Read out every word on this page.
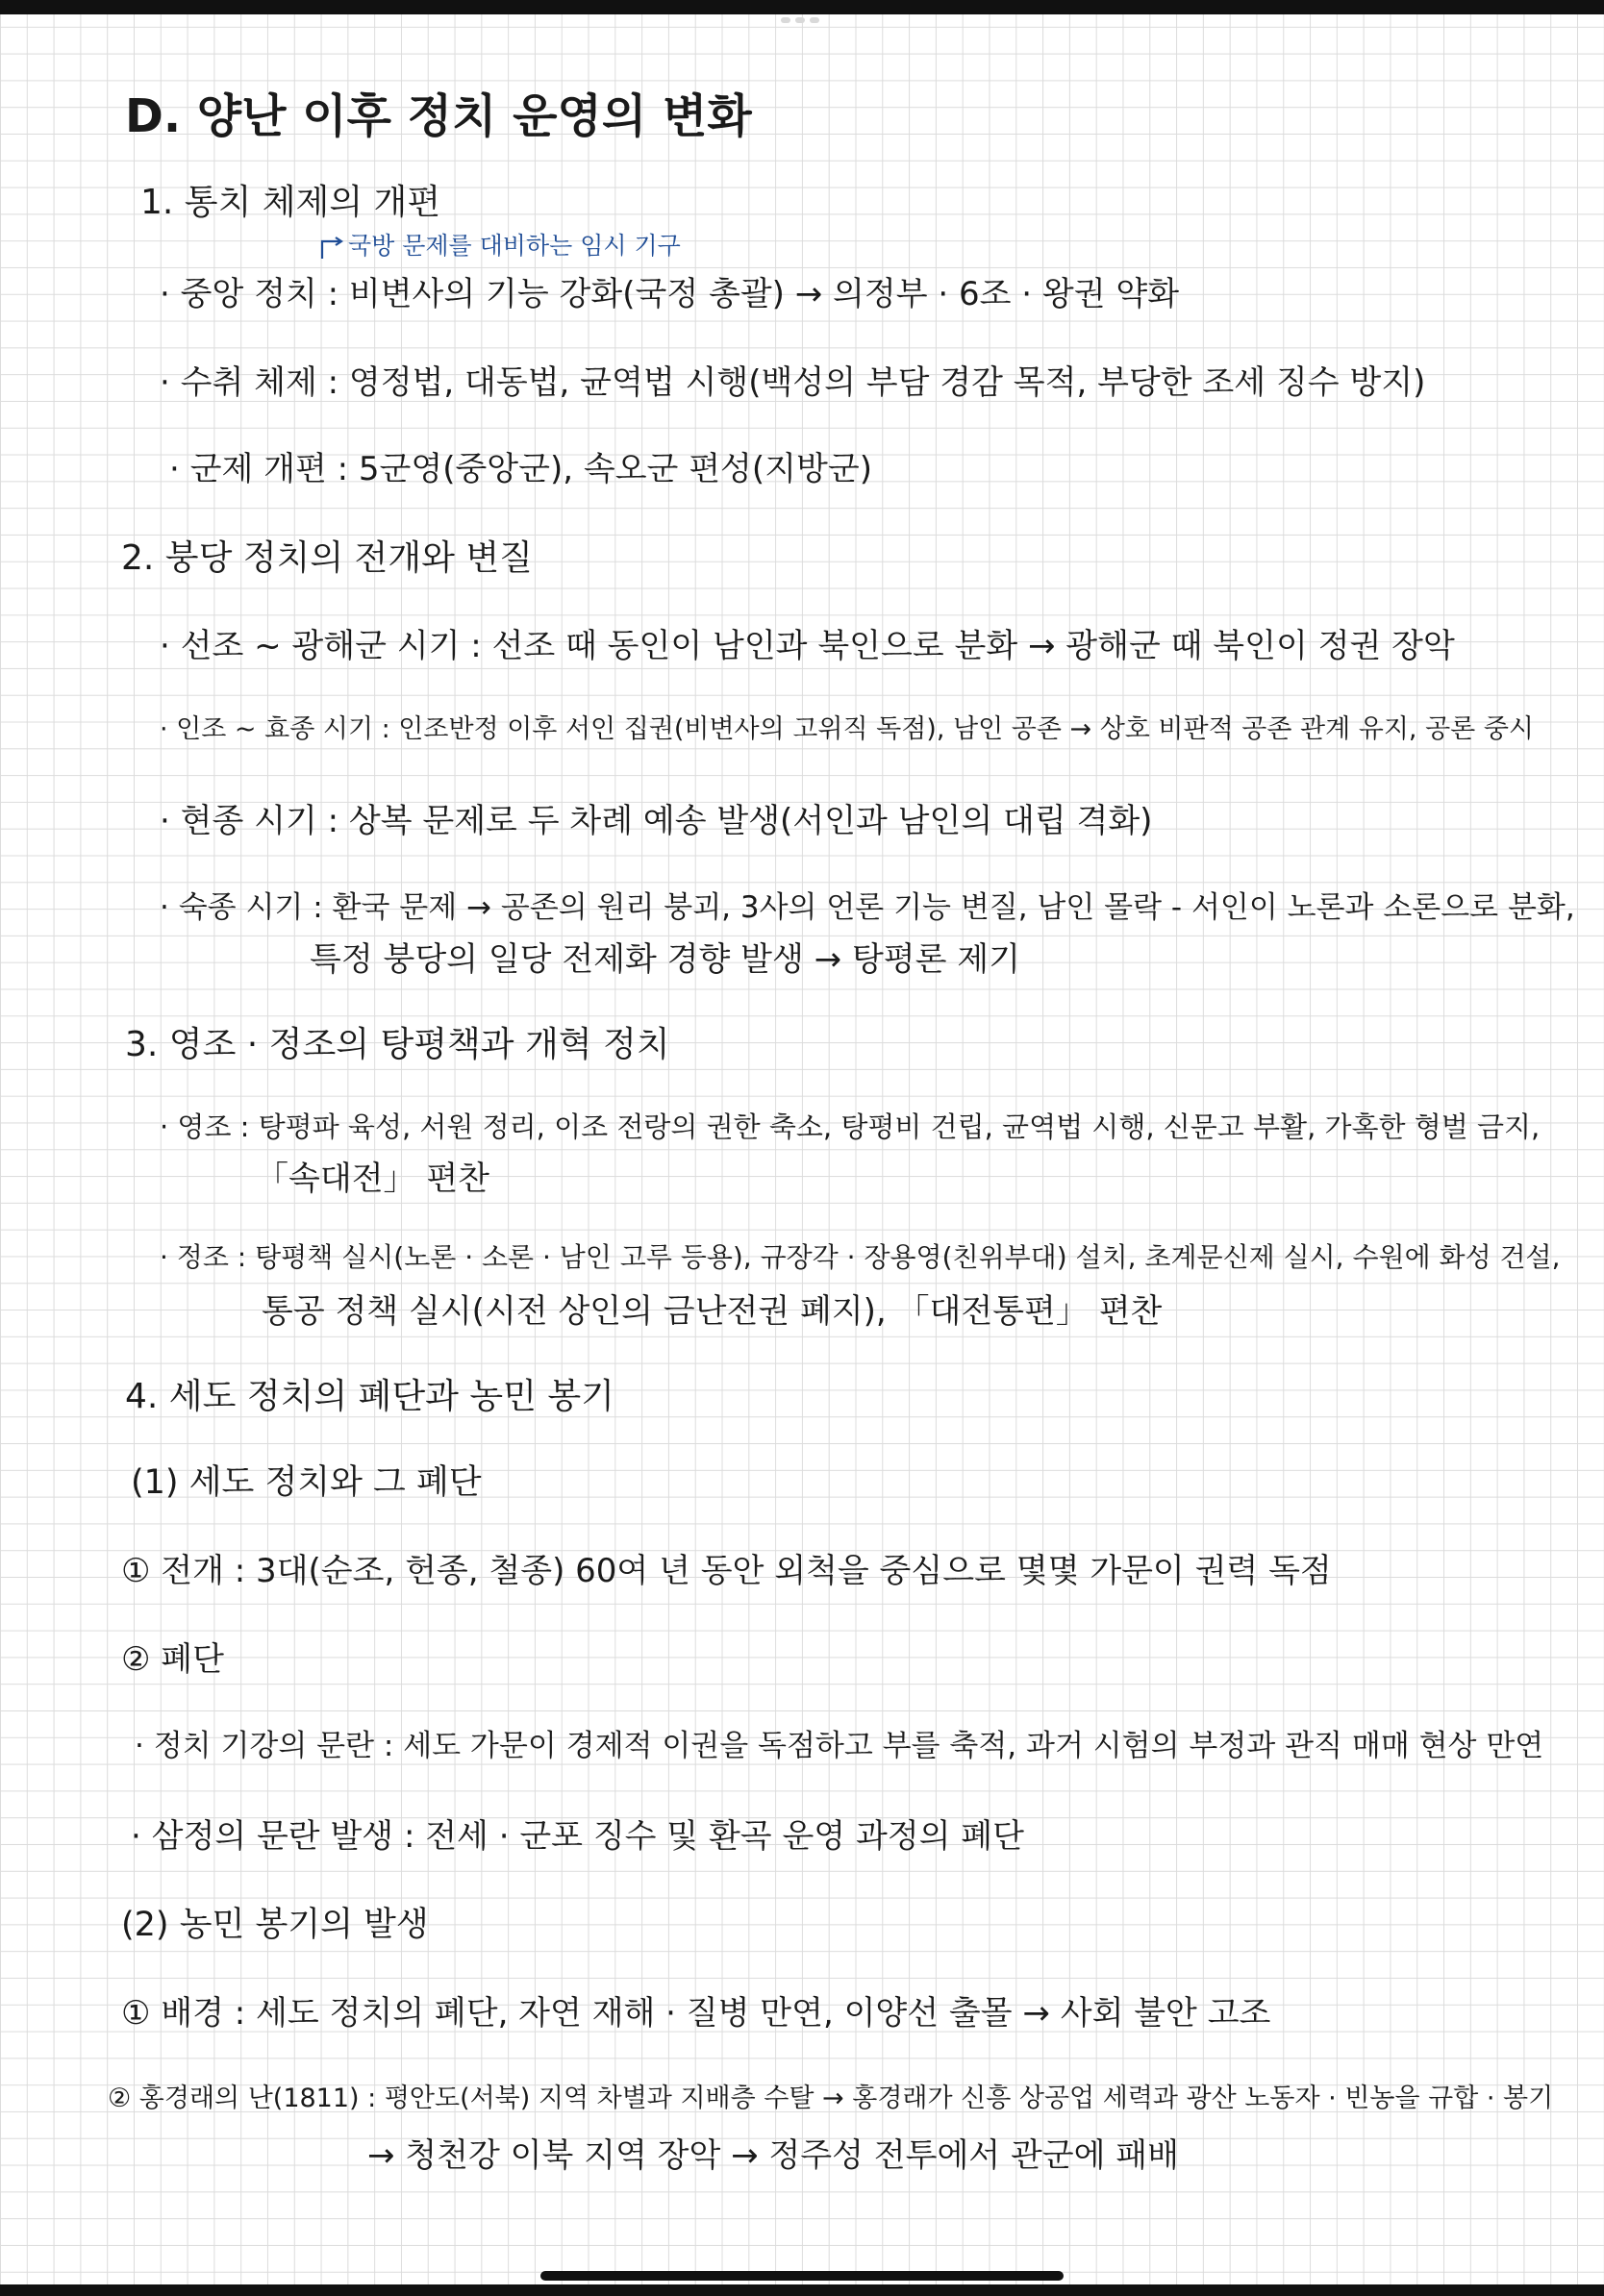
D. 양난 이후 정치 운영의 변화
1. 통치 체제의 개편
국방 문제를 대비하는 임시 기구
· 중앙 정치 : 비변사의 기능 강화(국정 총괄) → 의정부 · 6조 · 왕권 약화
· 수취 체제 : 영정법, 대동법, 균역법 시행(백성의 부담 경감 목적, 부당한 조세 징수 방지)
· 군제 개편 : 5군영(중앙군), 속오군 편성(지방군)
2. 붕당 정치의 전개와 변질
· 선조 ~ 광해군 시기 : 선조 때 동인이 남인과 북인으로 분화 → 광해군 때 북인이 정권 장악
· 인조 ~ 효종 시기 : 인조반정 이후 서인 집권(비변사의 고위직 독점), 남인 공존 → 상호 비판적 공존 관계 유지, 공론 중시
· 현종 시기 : 상복 문제로 두 차례 예송 발생(서인과 남인의 대립 격화)
· 숙종 시기 : 환국 문제 → 공존의 원리 붕괴, 3사의 언론 기능 변질, 남인 몰락 - 서인이 노론과 소론으로 분화,
특정 붕당의 일당 전제화 경향 발생 → 탕평론 제기
3. 영조 · 정조의 탕평책과 개혁 정치
· 영조 : 탕평파 육성, 서원 정리, 이조 전랑의 권한 축소, 탕평비 건립, 균역법 시행, 신문고 부활, 가혹한 형벌 금지,
「속대전」 편찬
· 정조 : 탕평책 실시(노론 · 소론 · 남인 고루 등용), 규장각 · 장용영(친위부대) 설치, 초계문신제 실시, 수원에 화성 건설,
통공 정책 실시(시전 상인의 금난전권 폐지), 「대전통편」 편찬
4. 세도 정치의 폐단과 농민 봉기
(1) 세도 정치와 그 폐단
① 전개 : 3대(순조, 헌종, 철종) 60여 년 동안 외척을 중심으로 몇몇 가문이 권력 독점
② 폐단
· 정치 기강의 문란 : 세도 가문이 경제적 이권을 독점하고 부를 축적, 과거 시험의 부정과 관직 매매 현상 만연
· 삼정의 문란 발생 : 전세 · 군포 징수 및 환곡 운영 과정의 폐단
(2) 농민 봉기의 발생
① 배경 : 세도 정치의 폐단, 자연 재해 · 질병 만연, 이양선 출몰 → 사회 불안 고조
② 홍경래의 난(1811) : 평안도(서북) 지역 차별과 지배층 수탈 → 홍경래가 신흥 상공업 세력과 광산 노동자 · 빈농을 규합 · 봉기
→ 청천강 이북 지역 장악 → 정주성 전투에서 관군에 패배
